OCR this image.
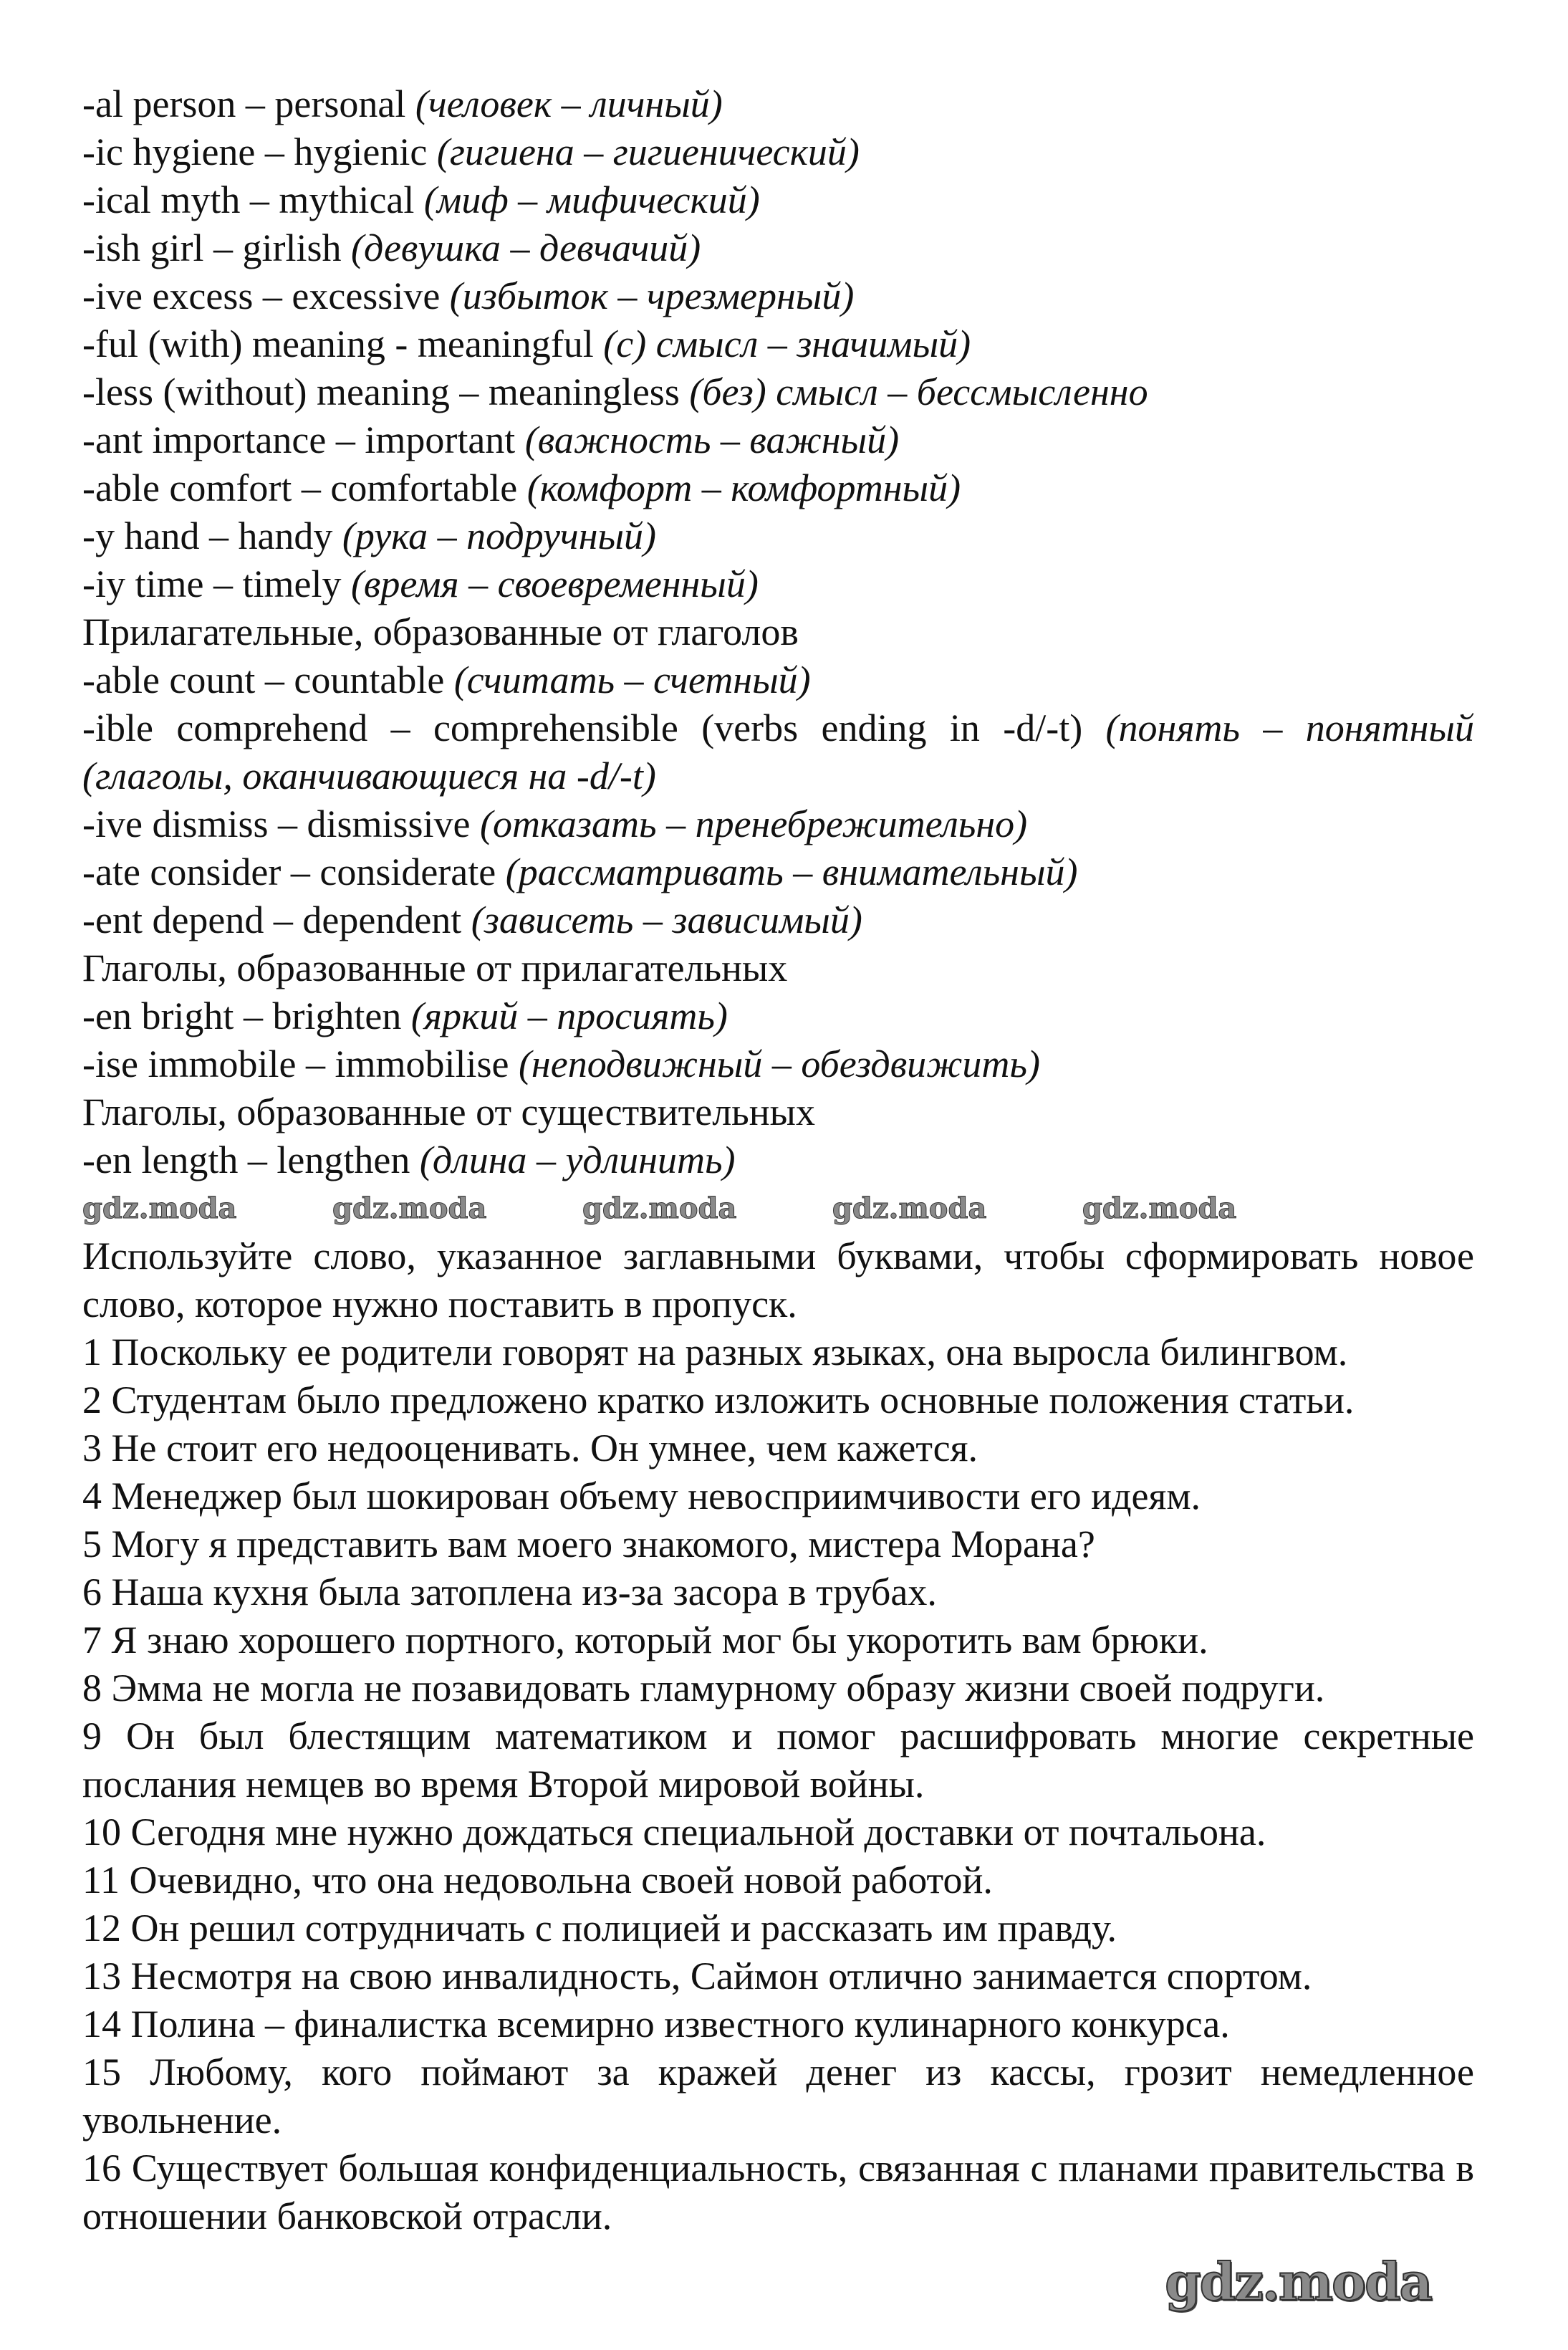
-al person – personal (человек – личный)
-ic hygiene – hygienic (гигиена – гигиенический)
-ical myth – mythical (миф – мифический)
-ish girl – girlish (девушка – девчачий)
-ive excess – excessive (избыток – чрезмерный)
-ful (with) meaning - meaningful (с) смысл – значимый)
-less (without) meaning – meaningless (без) смысл – бессмысленно
-ant importance – important (важность – важный)
-able comfort – comfortable (комфорт – комфортный)
-y hand – handy (рука – подручный)
-iy time – timely (время – своевременный)
Прилагательные, образованные от глаголов
-able count – countable (считать – счетный)
-ible comprehend – comprehensible (verbs ending in -d/-t) (понять – понятный (глаголы, оканчивающиеся на -d/-t)
-ive dismiss – dismissive (отказать – пренебрежительно)
-ate consider – considerate (рассматривать – внимательный)
-ent depend – dependent (зависеть – зависимый)
Глаголы, образованные от прилагательных
-en bright – brighten (яркий – просиять)
-ise immobile – immobilise (неподвижный – обездвижить)
Глаголы, образованные от существительных
-en length – lengthen (длина – удлинить)
gdz.moda	gdz.moda	gdz.moda	gdz.moda	gdz.moda
Используйте слово, указанное заглавными буквами, чтобы сформировать новое слово, которое нужно поставить в пропуск.
1 Поскольку ее родители говорят на разных языках, она выросла билингвом.
2 Студентам было предложено кратко изложить основные положения статьи.
3 Не стоит его недооценивать. Он умнее, чем кажется.
4 Менеджер был шокирован объему невосприимчивости его идеям.
5 Могу я представить вам моего знакомого, мистера Морана?
6 Наша кухня была затоплена из-за засора в трубах.
7 Я знаю хорошего портного, который мог бы укоротить вам брюки.
8 Эмма не могла не позавидовать гламурному образу жизни своей подруги.
9 Он был блестящим математиком и помог расшифровать многие секретные послания немцев во время Второй мировой войны.
10 Сегодня мне нужно дождаться специальной доставки от почтальона.
11 Очевидно, что она недовольна своей новой работой.
12 Он решил сотрудничать с полицией и рассказать им правду.
13 Несмотря на свою инвалидность, Саймон отлично занимается спортом.
14 Полина – финалистка всемирно известного кулинарного конкурса.
15 Любому, кого поймают за кражей денег из кассы, грозит немедленное увольнение.
16 Существует большая конфиденциальность, связанная с планами правительства в отношении банковской отрасли.
gdz.moda
